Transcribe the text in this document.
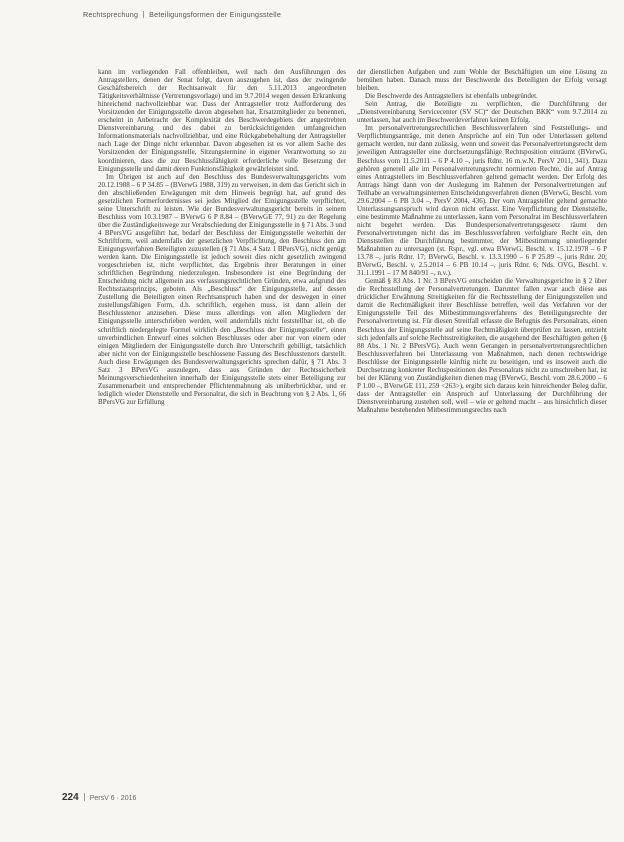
Rechtsprechung Beteiligungsformen der Einigungsstelle

kann im vorliegenden Fall offenbleiben, weil nach den Ausführungen des Antragstellers, denen der Senat folgt, davon auszugehen ist, dass der zwingende Geschäftsbereich der Rechtsanwalt für den 5.11.2013 angeordneten Tätigkeitsverhältnisse (Vertretungsvorlage) und im 9.7.2014 wegen dessen Erkrankung hinreichend nachvollziehbar war. Dass der Antragsteller trotz Aufforderung des Vorsitzenden der Einigungsstelle davon abgesehen hat, Ersatzmitglieder zu benennen, erscheint in Anbetracht der Komplexität des Beschwerdegebiets der angestrebten Dienstvereinbarung und des dabei zu berücksichtigenden umfangreichen Informationsmaterials nachvollziehbar, und eine Rückgabebehaltung der Antragsteller nach Lage der Dinge nicht erkennbar. Davon abgesehen ist es vor allem Sache des Vorsitzenden der Einigungsstelle, Sitzungstermine in eigener Verantwortung so zu koordinieren, dass die zur Beschlussfähigkeit erforderliche volle Besetzung der Einigungsstelle und damit deren Funktionsfähigkeit gewährleistet sind.

Im Übrigen ist auch auf den Beschluss des Bundesverwaltungsgerichts vom 20.12.1988 – 6 P 34.85 – (BVerwG 1988, 319) zu verweisen, in dem das Gericht sich in den abschließenden Erwägungen mit dem Hinweis begnügt hat, auf grund des gesetzlichen Formerfordernisses sei jedes Mitglied der Einigungsstelle verpflichtet, seine Unterschrift zu leisten. Wie der Bundesverwaltungsgericht bereits in seinem Beschluss vom 10.3.1987 – BVerwG 6 P 8.84 – (BVerwGE 77, 91) zu der Regelung über die Zuständigkeitswege zur Verabschiedung der Einigungsstelle in § 71 Abs. 3 und 4 BPersVG ausgeführt hat, bedarf der Beschluss der Einigungsstelle weiterhin der Schriftform, weil andernfalls der gesetzlichen Verpflichtung, den Beschluss den am Einigungsverfahren Beteiligten zuzustellen (§ 71 Abs. 4 Satz 1 BPersVG), nicht genügt werden kann. Die Einigungsstelle ist jedoch soweit dies nicht gesetzlich zwingend vorgeschrieben ist, nicht verpflichtet, das Ergebnis ihrer Beratungen in einer schriftlichen Begründung niederzulegen. Insbesondere ist eine Begründung der Entscheidung nicht allgemein aus verfassungsrechtlichen Gründen, etwa aufgrund des Rechtsstaatsprinzips, geboten. Als „Beschluss“ der Einigungsstelle, auf dessen Zustellung die Beteiligten einen Rechtsanspruch haben und der deswegen in einer zustellungsfähigen Form, d.h. schriftlich, ergehen muss, ist dann allein der Beschlusstenor anzusehen. Diese muss allerdings von allen Mitgliedern der Einigungsstelle unterschrieben werden, weil andernfalls nicht feststellbar ist, ob die schriftlich niedergelegte Formel wirklich den „Beschluss der Einigungsstelle“, einen unverbindlichen Entwurf eines solchen Beschlusses oder aber nur von einem oder einigen Mitgliedern der Einigungsstelle durch ihre Unterschrift gebilligt, tatsächlich aber nicht von der Einigungsstelle beschlossene Fassung des Beschlusstenors darstellt. Auch diese Erwägungen des Bundesverwaltungsgerichts sprechen dafür, § 71 Abs. 3 Satz 3 BPersVG auszulegen, dass aus Gründen der Rechtssicherheit Meinungsverschiedenheiten innerhalb der Einigungsstelle stets einer Beteiligung zur Zusammenarbeit und entsprechender Pflichtenmahnung als unüberbrückbar, und er lediglich wieder Dienststelle und Personalrat, die sich in Beachtung von § 2 Abs. 1, 66 BPersVG zur Erfüllung

der dienstlichen Aufgaben und zum Wohle der Beschäftigten um eine Lösung zu bemühen haben. Danach muss der Beschwerde des Beteiligten der Erfolg versagt bleiben.

Die Beschwerde des Antragstellers ist ebenfalls unbegründet.

Sein Antrag, die Beteiligte zu verpflichten, die Durchführung der „Dienstvereinbarung Servicecenter (SV SC)“ der Deutschen BKK“ vom 9.7.2014 zu unterlassen, hat auch im Beschwerdeverfahren keinen Erfolg.

Im personalvertretungsrechtlichen Beschlussverfahren sind Feststellungs- und Verpflichtungsanträge, mit denen Ansprüche auf ein Tun oder Unterlassen geltend gemacht werden, nur dann zulässig, wenn und soweit das Personalvertretungsrecht dem jeweiligen Antragsteller eine durchsetzungsfähige Rechtsposition einräumt (BVerwG, Beschluss vom 11.5.2011 – 6 P 4.10 –, juris Rdnr. 16 m.w.N. PersV 2011, 341). Dazu gehören generell alle im Personalvertretungsrecht normierten Rechte, die auf Antrag eines Antragstellers im Beschlussverfahren geltend gemacht werden. Der Erfolg des Antrags hängt dann von der Auslegung im Rahmen der Personalvertretungen auf Teilhabe an verwaltungsinternen Entscheidungsverfahren dienen (BVerwG, Beschl. vom 29.6.2004 – 6 PB 3.04 –, PersV 2004, 436). Der vom Antragsteller geltend gemachte Unterlassungsanspruch wird davon nicht erfasst. Eine Verpflichtung der Dienststelle, eine bestimmte Maßnahme zu unterlassen, kann vom Personalrat im Beschlussverfahren nicht begehrt werden. Das Bundespersonalvertretungsgesetz räumt den Personalvertretungen nicht das im Beschlussverfahren verfolgbare Recht ein, den Dienststellen die Durchführung bestimmter, der Mitbestimmung unterliegender Maßnahmen zu untersagen (st. Rspr., vgl. etwa BVerwG, Beschl. v. 15.12.1978 – 6 P 13.78 –, juris Rdnr. 17; BVerwG, Beschl. v. 13.3.1990 – 6 P 25.89 –, juris Rdnr. 20; BVerwG, Beschl. v. 2.5.2014 – 6 PB 10.14 –, juris Rdnr. 6; Nds. OVG, Beschl. v. 31.1.1991 – 17 M 840/91 –, n.v.).

Gemäß § 83 Abs. 1 Nr. 3 BPersVG entscheiden die Verwaltungsgerichte in § 2 über die Rechtsstellung der Personalvertretungen. Darunter fallen zwar auch diese aus drücklicher Erwähnung Streitigkeiten für die Rechtsstellung der Einigungsstellen und damit die Rechtmäßigkeit ihrer Beschlüsse betreffen, weil das Verfahren vor der Einigungsstelle Teil des Mitbestimmungsverfahrens des Beteiligungsrechte der Personalvertretung ist. Für diesen Streitfall erfasste die Befugnis des Personalrats, einen Beschluss der Einigungsstelle auf seine Rechtmäßigkeit überprüfen zu lassen, entzieht sich jedenfalls auf solche Rechtsstreitigkeiten, die ausgehend der Beschäftigten gehen (§ 88 Abs. 1 Nr. 2 BPersVG). Auch wenn Gerangen in personalvertretungsrechtlichen Beschlussverfahren bei Unterlassung von Maßnahmen, nach denen rechtswidrige Beschlüsse der Einigungsstelle künftig nicht zu beseitigen, und es insoweit auch die Durchsetzung konkreter Rechtspositionen des Personalrats nicht zu umschreiben hat, ist bei der Klärung von Zuständigkeiten dienen mag (BVerwG, Beschl. vom 28.6.2000 – 6 P 1.00 –, BVerwGE 111, 259 <263>), ergibt sich daraus kein hinreichender Beleg dafür, dass der Antragsteller ein Anspruch auf Unterlassung der Durchführung der Dienstvereinbarung zustehen soll, weil – wie er geltend macht – aus hinsichtlich dieser Maßnahme bestehenden Mitbestimmungsrechts nach

224 PersV 6 · 2016
